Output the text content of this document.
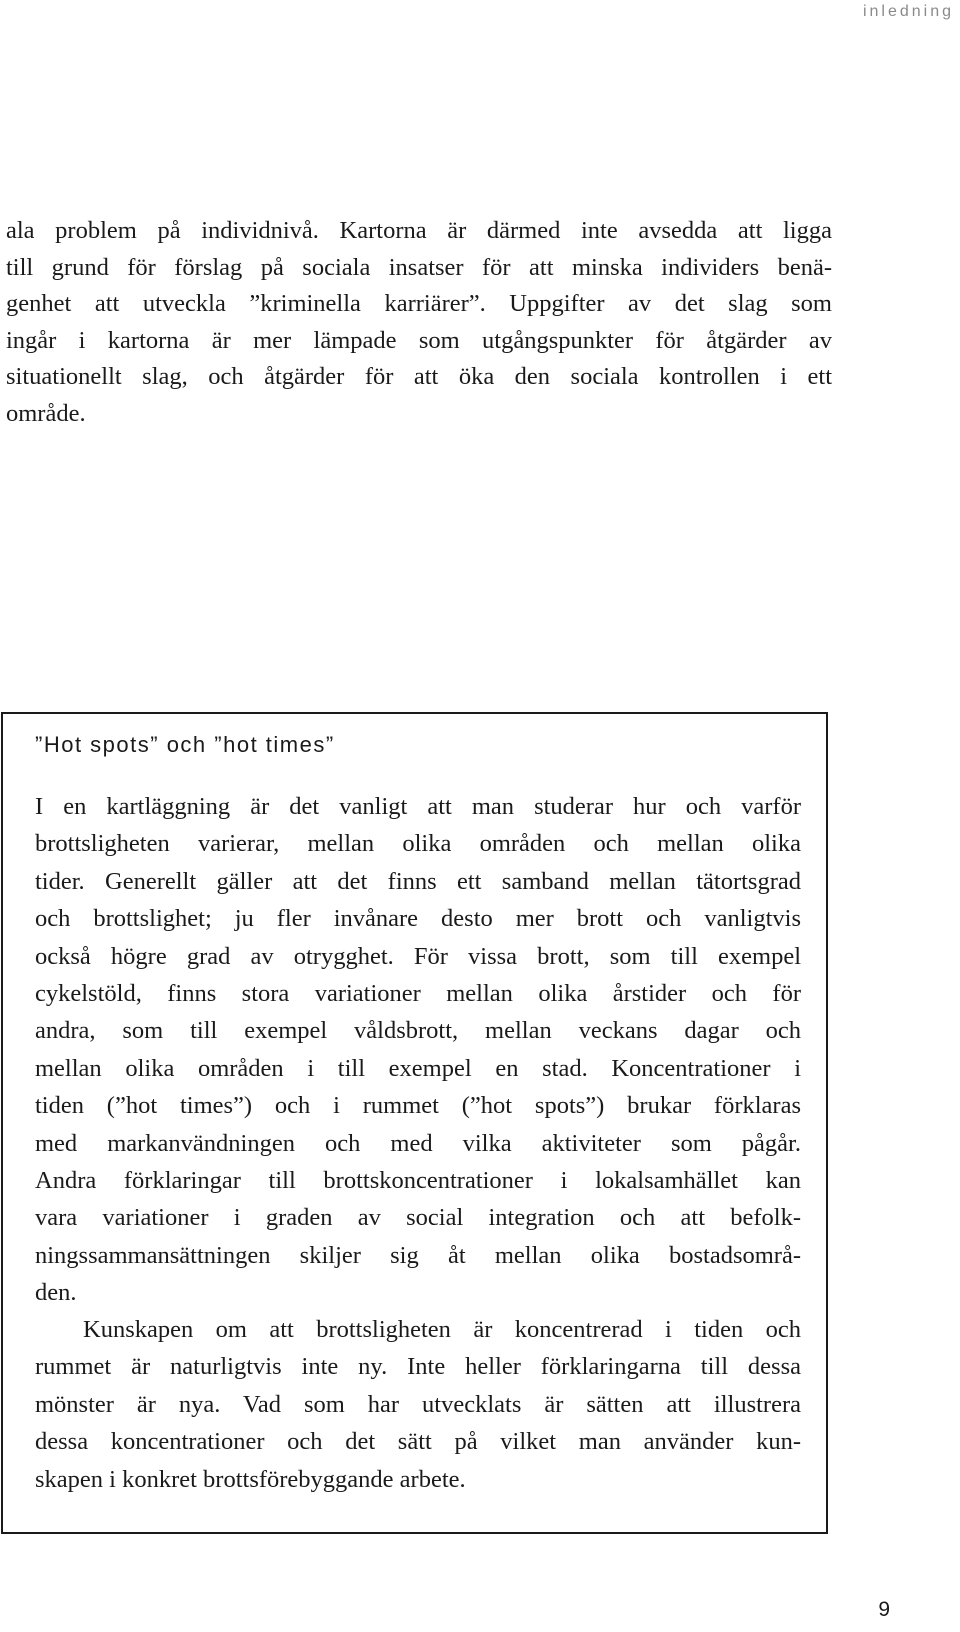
inledning

ala problem på individnivå. Kartorna är därmed inte avsedda att ligga
till grund för förslag på sociala insatser för att minska individers benä-
genhet att utveckla ”kriminella karriärer”. Uppgifter av det slag som
ingår i kartorna är mer lämpade som utgångspunkter för åtgärder av
situationellt slag, och åtgärder för att öka den sociala kontrollen i ett
område.

”Hot spots” och ”hot times”

I en kartläggning är det vanligt att man studerar hur och varför
brottsligheten varierar, mellan olika områden och mellan olika
tider. Generellt gäller att det finns ett samband mellan tätortsgrad
och brottslighet; ju fler invånare desto mer brott och vanligtvis
också högre grad av otrygghet. För vissa brott, som till exempel
cykelstöld, finns stora variationer mellan olika årstider och för
andra, som till exempel våldsbrott, mellan veckans dagar och
mellan olika områden i till exempel en stad. Koncentrationer i
tiden (”hot times”) och i rummet (”hot spots”) brukar förklaras
med markanvändningen och med vilka aktiviteter som pågår.
Andra förklaringar till brottskoncentrationer i lokalsamhället kan
vara variationer i graden av social integration och att befolk-
ningssammansättningen skiljer sig åt mellan olika bostadsområ-
den.

Kunskapen om att brottsligheten är koncentrerad i tiden och
rummet är naturligtvis inte ny. Inte heller förklaringarna till dessa
mönster är nya. Vad som har utvecklats är sätten att illustrera
dessa koncentrationer och det sätt på vilket man använder kun-
skapen i konkret brottsförebyggande arbete.

9
